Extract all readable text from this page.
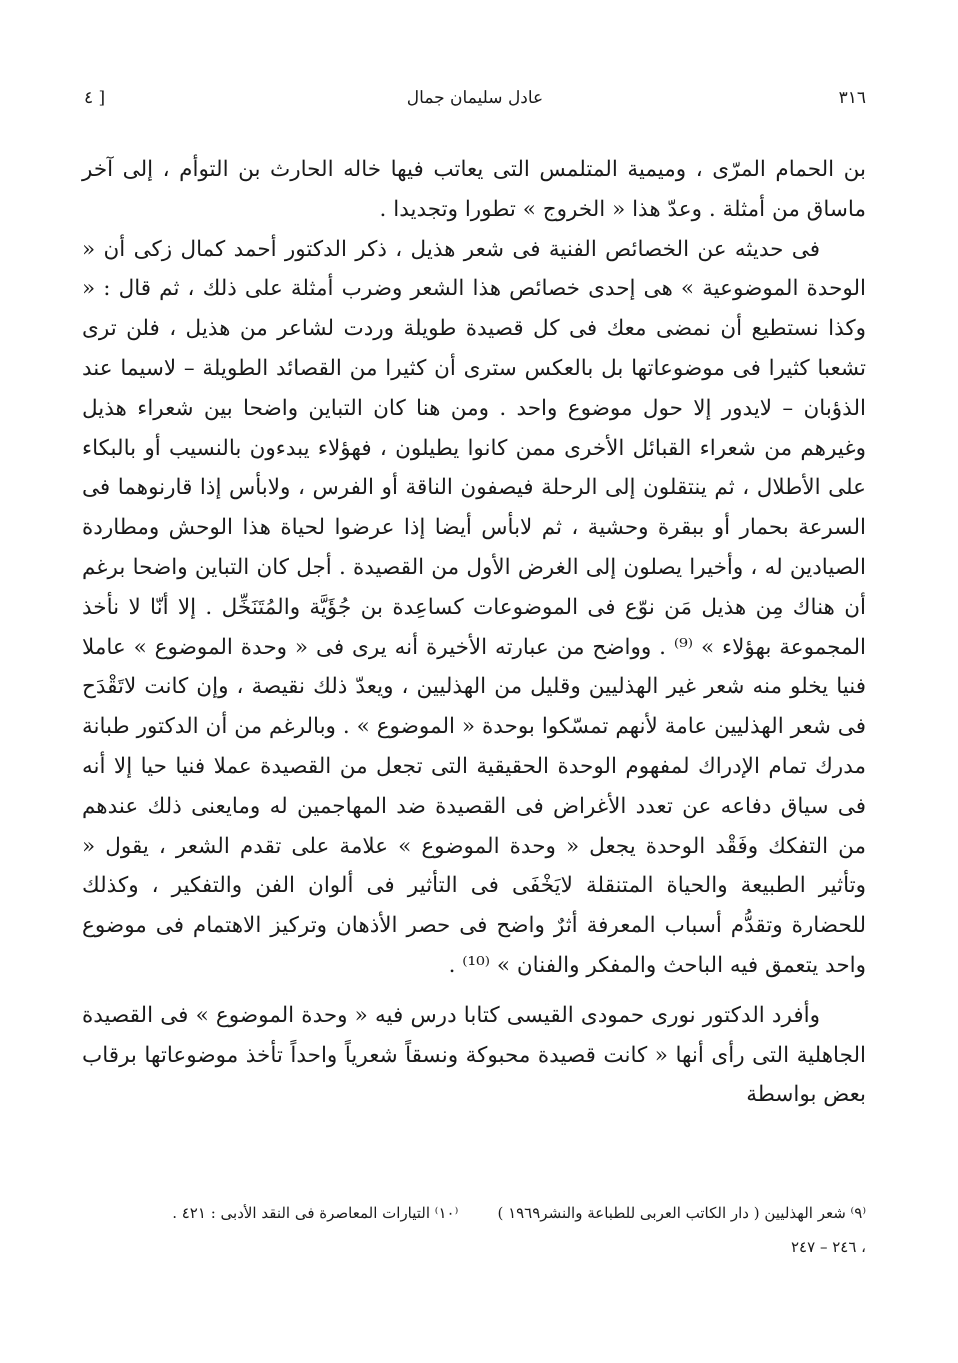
٣١٦
عادل سليمان جمال
[ ٤

بن الحمام المرّى ، وميمية المتلمس التى يعاتب فيها خاله الحارث بن التوأم ، إلى آخر ماساق من أمثلة . وعدّ هذا « الخروج » تطورا وتجديدا .

فى حديثه عن الخصائص الفنية فى شعر هذيل ، ذكر الدكتور أحمد كمال زكى أن « الوحدة الموضوعية » هى إحدى خصائص هذا الشعر وضرب أمثلة على ذلك ، ثم قال : « وكذا نستطيع أن نمضى معك فى كل قصيدة طويلة وردت لشاعر من هذيل ، فلن ترى تشعبا كثيرا فى موضوعاتها بل بالعكس سترى أن كثيرا من القصائد الطويلة – لاسيما عند الذؤبان – لايدور إلا حول موضوع واحد . ومن هنا كان التباين واضحا بين شعراء هذيل وغيرهم من شعراء القبائل الأخرى ممن كانوا يطيلون ، فهؤلاء يبدءون بالنسيب أو بالبكاء على الأطلال ، ثم ينتقلون إلى الرحلة فيصفون الناقة أو الفرس ، ولابأس إذا قارنوهما فى السرعة بحمار أو ببقرة وحشية ، ثم لابأس أيضا إذا عرضوا لحياة هذا الوحش ومطاردة الصيادين له ، وأخيرا يصلون إلى الغرض الأول من القصيدة . أجل كان التباين واضحا برغم أن هناك مِن هذيل مَن نوّع فى الموضوعات كساعِدة بن جُؤَيَّة والمُتَنَخِّل . إلا أنّا لا نأخذ المجموعة بهؤلاء » ⁽⁹⁾ . وواضح من عبارته الأخيرة أنه يرى فى « وحدة الموضوع » عاملا فنيا يخلو منه شعر غير الهذليين وقليل من الهذليين ، ويعدّ ذلك نقيصة ، وإن كانت لاتَقْدَح فى شعر الهذليين عامة لأنهم تمسّكوا بوحدة « الموضوع » . وبالرغم من أن الدكتور طبانة مدرك تمام الإدراك لمفهوم الوحدة الحقيقية التى تجعل من القصيدة عملا فنيا حيا إلا أنه فى سياق دفاعه عن تعدد الأغراض فى القصيدة ضد المهاجمين له ومايعنى ذلك عندهم من التفكك وفَقْد الوحدة يجعل « وحدة الموضوع » علامة على تقدم الشعر ، يقول « وتأثير الطبيعة والحياة المتنقلة لايَخْفَى فى التأثير فى ألوان الفن والتفكير ، وكذلك للحضارة وتقدُّم أسباب المعرفة أثرٌ واضح فى حصر الأذهان وتركيز الاهتمام فى موضوع واحد يتعمق فيه الباحث والمفكر والفنان » ⁽¹⁰⁾ .

وأفرد الدكتور نورى حمودى القيسى كتابا درس فيه « وحدة الموضوع » فى القصيدة الجاهلية التى رأى أنها « كانت قصيدة محبوكة ونسقاً شعرياً واحداً تأخذ موضوعاتها برقاب بعض بواسطة

⁽٩⁾ شعر الهذليين ( دار الكاتب العربى للطباعة والنشر١٩٦٩ ) ، ٢٤٦ – ٢٤٧
⁽١٠⁾ التيارات المعاصرة فى النقد الأدبى : ٤٢١ .
